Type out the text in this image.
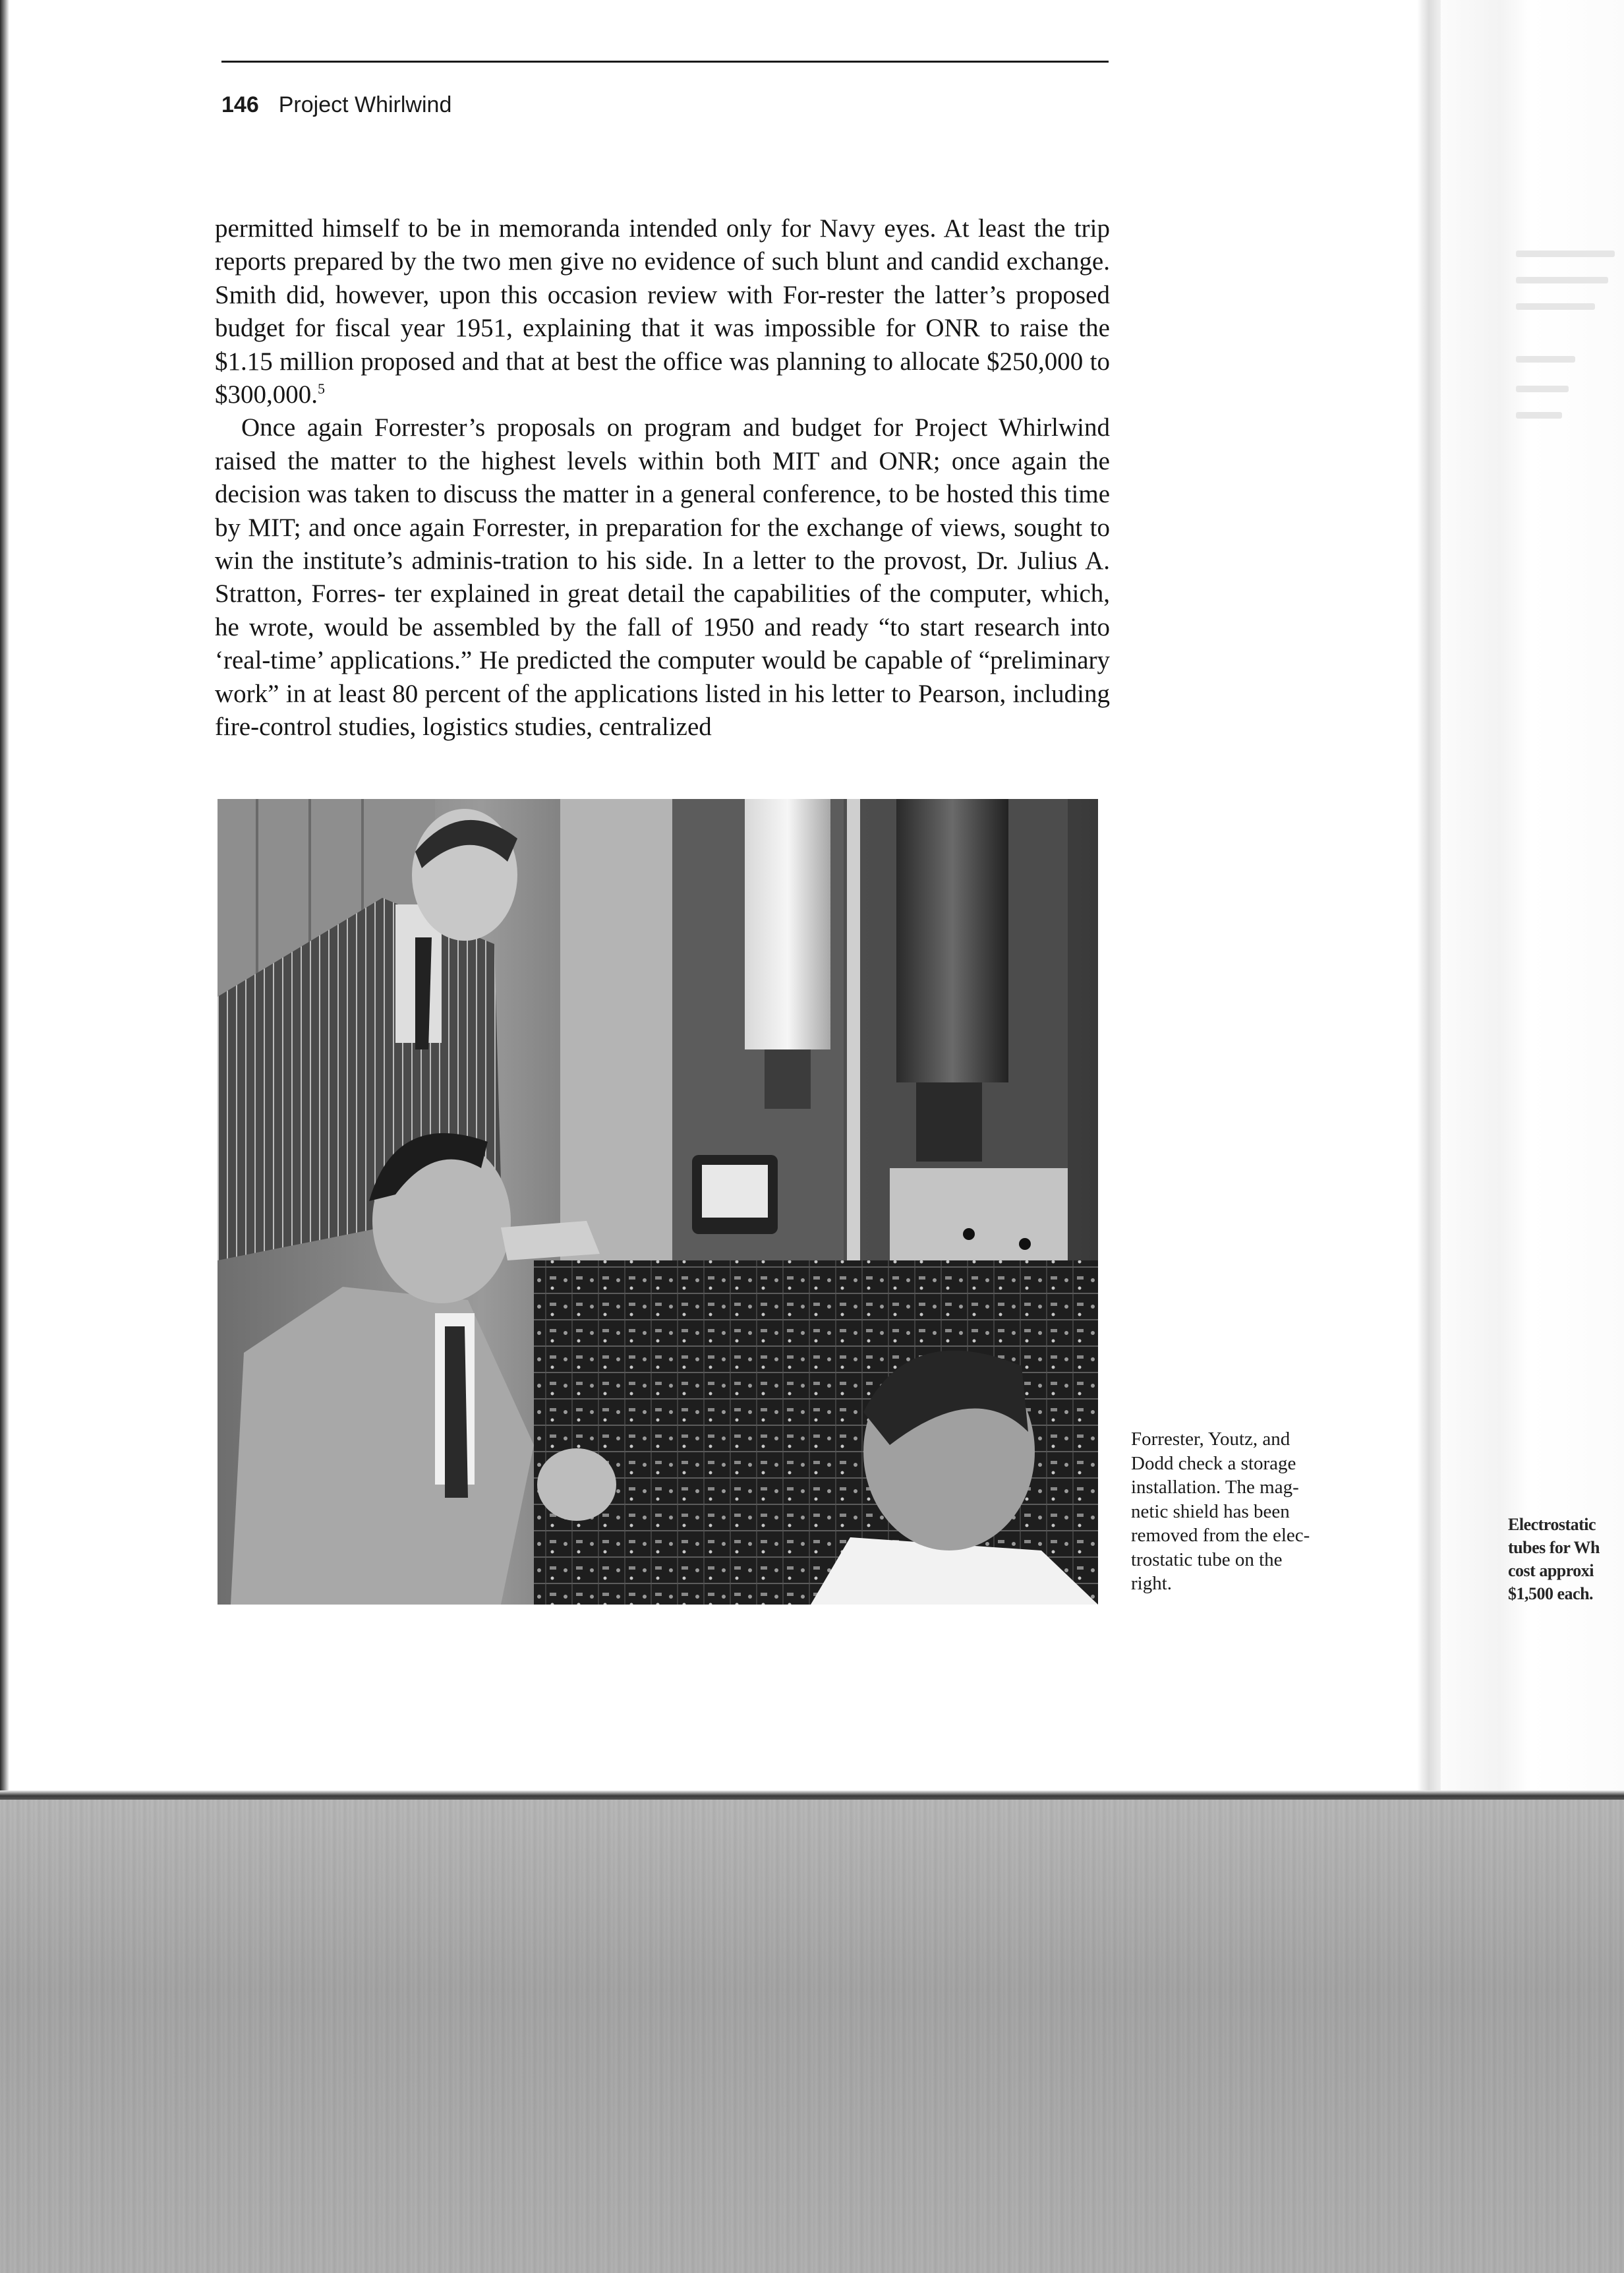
146 Project Whirlwind

permitted himself to be in memoranda intended only for Navy eyes. At least the trip reports prepared by the two men give no evidence of such blunt and candid exchange. Smith did, however, upon this occasion review with For-rester the latter’s proposed budget for fiscal year 1951, explaining that it was impossible for ONR to raise the $1.15 million proposed and that at best the office was planning to allocate $250,000 to $300,000.$^5$

Once again Forrester’s proposals on program and budget for Project Whirlwind raised the matter to the highest levels within both MIT and ONR; once again the decision was taken to discuss the matter in a general conference, to be hosted this time by MIT; and once again Forrester, in preparation for the exchange of views, sought to win the institute’s adminis-tration to his side. In a letter to the provost, Dr. Julius A. Stratton, Forres- ter explained in great detail the capabilities of the computer, which, he wrote, would be assembled by the fall of 1950 and ready “to start research into ‘real-time’ applications.” He predicted the computer would be capable of “preliminary work” in at least 80 percent of the applications listed in his letter to Pearson, including fire-control studies, logistics studies, centralized

Forrester, Youtz, and
Dodd check a storage
installation. The mag-
netic shield has been
removed from the elec-
trostatic tube on the
right.
Electrostatic
tubes for Wh
cost approxi
$1,500 each.
